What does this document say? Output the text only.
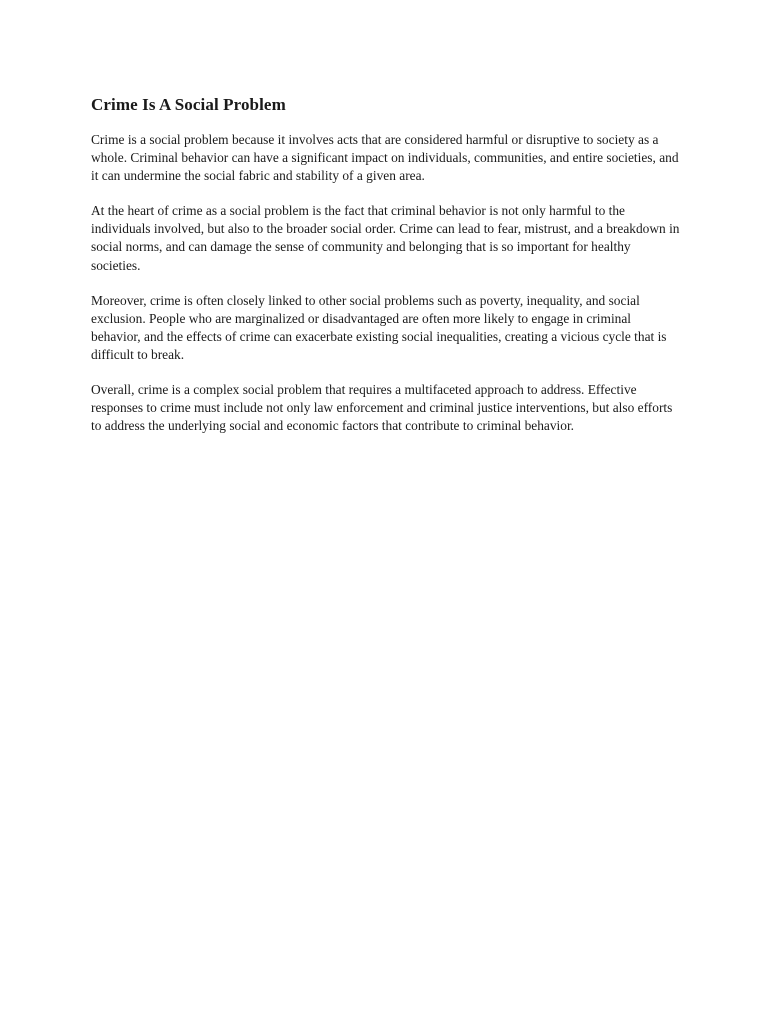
Crime Is A Social Problem

Crime is a social problem because it involves acts that are considered harmful or disruptive to society as a whole. Criminal behavior can have a significant impact on individuals, communities, and entire societies, and it can undermine the social fabric and stability of a given area.

At the heart of crime as a social problem is the fact that criminal behavior is not only harmful to the individuals involved, but also to the broader social order. Crime can lead to fear, mistrust, and a breakdown in social norms, and can damage the sense of community and belonging that is so important for healthy societies.

Moreover, crime is often closely linked to other social problems such as poverty, inequality, and social exclusion. People who are marginalized or disadvantaged are often more likely to engage in criminal behavior, and the effects of crime can exacerbate existing social inequalities, creating a vicious cycle that is difficult to break.

Overall, crime is a complex social problem that requires a multifaceted approach to address. Effective responses to crime must include not only law enforcement and criminal justice interventions, but also efforts to address the underlying social and economic factors that contribute to criminal behavior.
